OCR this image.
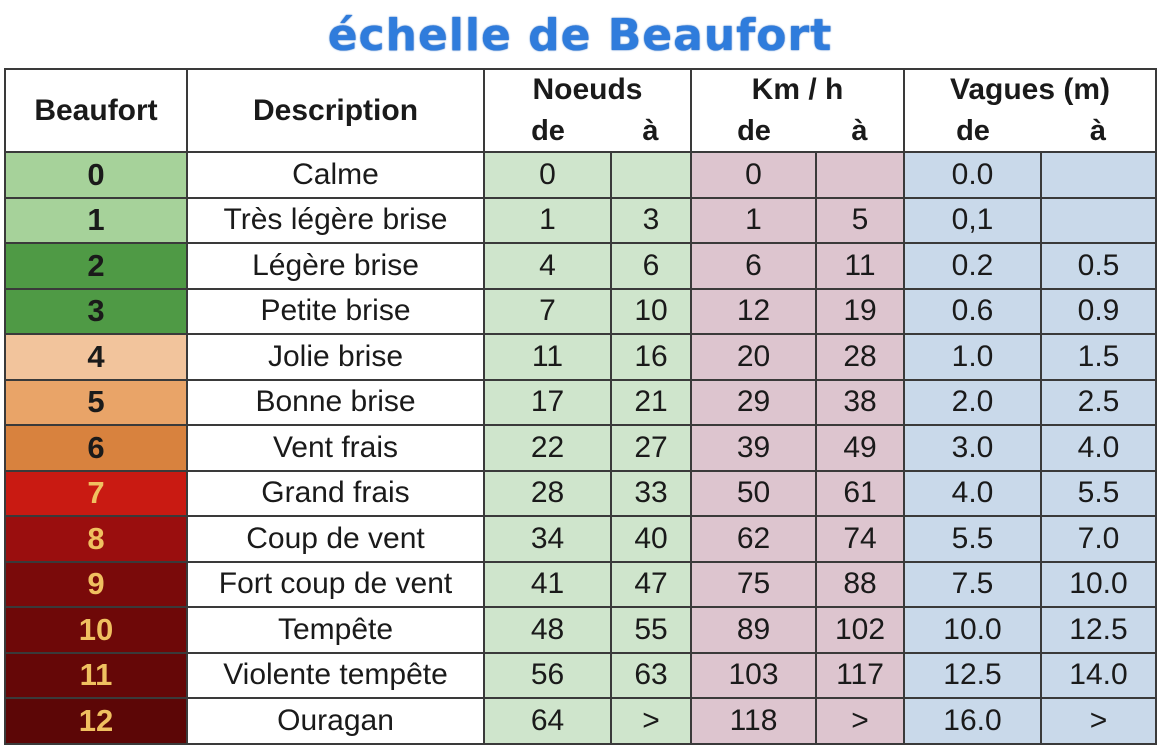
échelle de Beaufort
Beaufort	Description	Noeuds		Km / h		Vagues (m)	
		de	à	de	à	de	à
0	Calme	0		0		0.0	
1	Très légère brise	1	3	1	5	0,1	
2	Légère brise	4	6	6	11	0.2	0.5
3	Petite brise	7	10	12	19	0.6	0.9
4	Jolie brise	11	16	20	28	1.0	1.5
5	Bonne brise	17	21	29	38	2.0	2.5
6	Vent frais	22	27	39	49	3.0	4.0
7	Grand frais	28	33	50	61	4.0	5.5
8	Coup de vent	34	40	62	74	5.5	7.0
9	Fort coup de vent	41	47	75	88	7.5	10.0
10	Tempête	48	55	89	102	10.0	12.5
11	Violente tempête	56	63	103	117	12.5	14.0
12	Ouragan	64	>	118	>	16.0	>
